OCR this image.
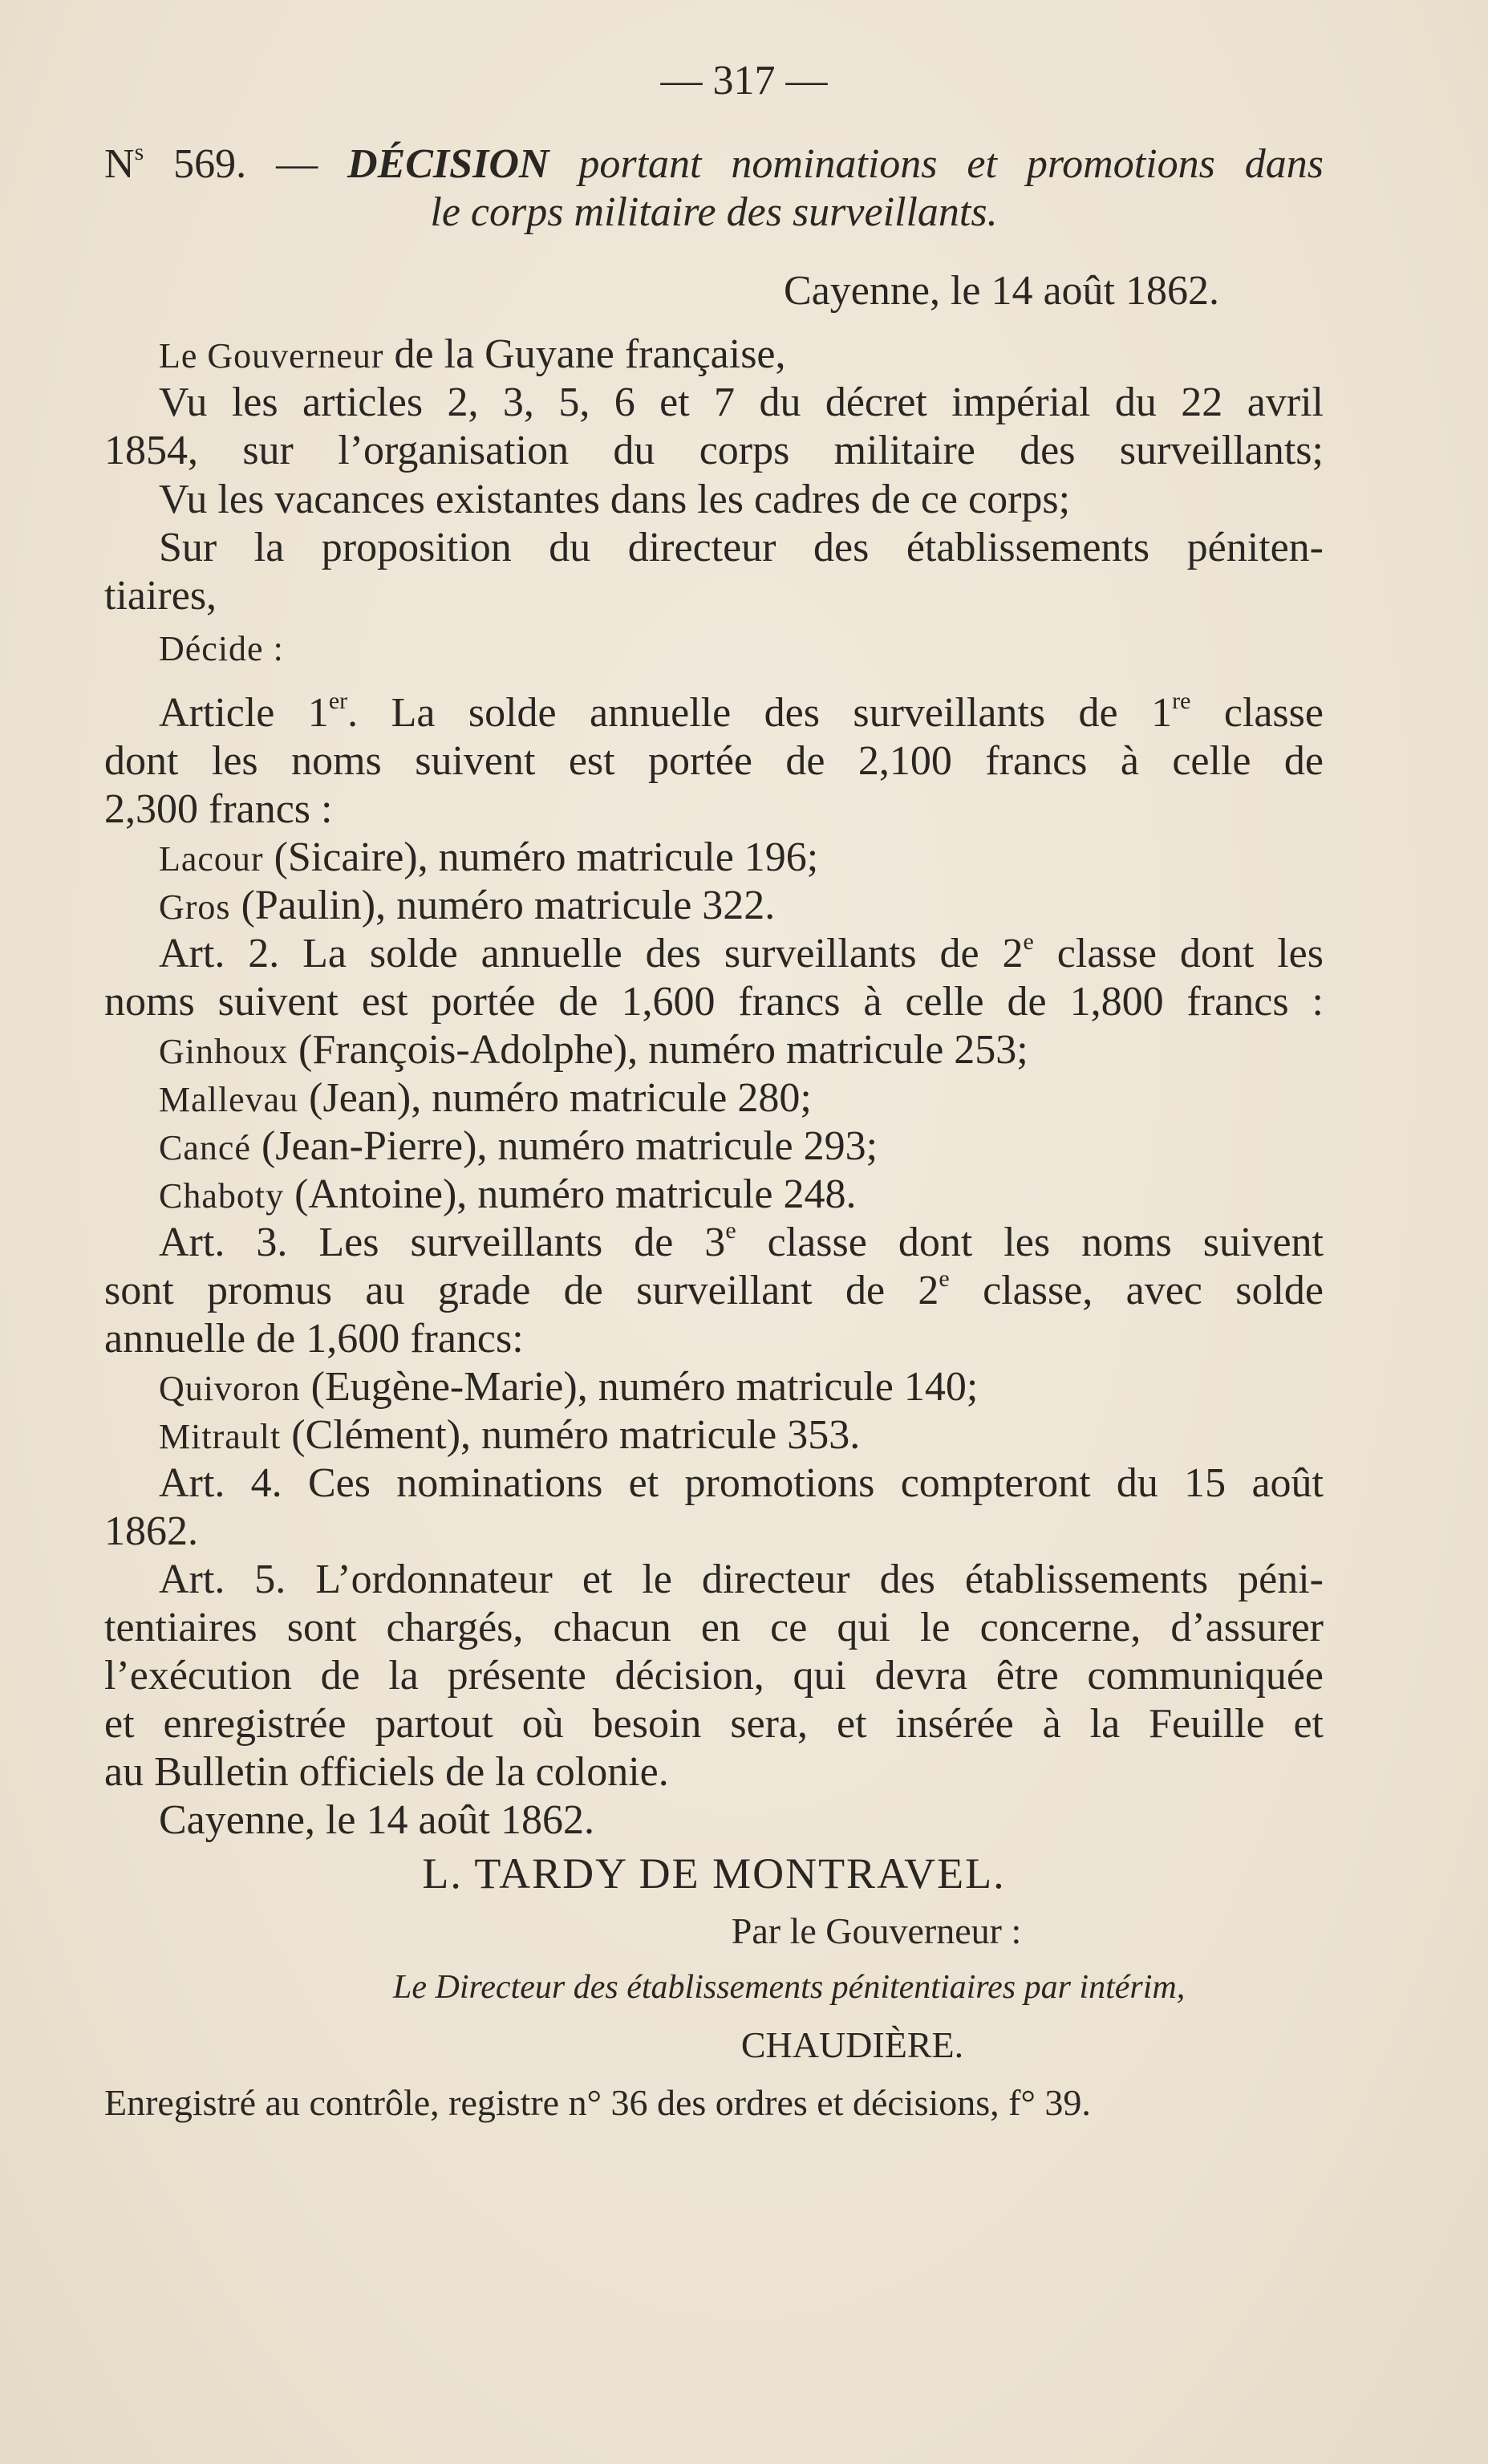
— 317 —
$N^s$ 569. — DÉCISION portant nominations et promotions dans
le corps militaire des surveillants.
Cayenne, le 14 août 1862.
Le Gouverneur de la Guyane française,
Vu les articles 2, 3, 5, 6 et 7 du décret impérial du 22 avril
1854, sur l’organisation du corps militaire des surveillants;
Vu les vacances existantes dans les cadres de ce corps;
Sur la proposition du directeur des établissements péniten-
tiaires,
Décide :
Article 1er. La solde annuelle des surveillants de 1re classe
dont les noms suivent est portée de 2,100 francs à celle de
2,300 francs :
Lacour (Sicaire), numéro matricule 196;
Gros (Paulin), numéro matricule 322.
Art. 2. La solde annuelle des surveillants de 2e classe dont les
noms suivent est portée de 1,600 francs à celle de 1,800 francs :
Ginhoux (François-Adolphe), numéro matricule 253;
Mallevau (Jean), numéro matricule 280;
Cancé (Jean-Pierre), numéro matricule 293;
Chaboty (Antoine), numéro matricule 248.
Art. 3. Les surveillants de 3e classe dont les noms suivent
sont promus au grade de surveillant de 2e classe, avec solde
annuelle de 1,600 francs:
Quivoron (Eugène-Marie), numéro matricule 140;
Mitrault (Clément), numéro matricule 353.
Art. 4. Ces nominations et promotions compteront du 15 août
1862.
Art. 5. L’ordonnateur et le directeur des établissements péni-
tentiaires sont chargés, chacun en ce qui le concerne, d’assurer
l’exécution de la présente décision, qui devra être communiquée
et enregistrée partout où besoin sera, et insérée à la Feuille et
au Bulletin officiels de la colonie.
Cayenne, le 14 août 1862.
L. TARDY DE MONTRAVEL.
Par le Gouverneur :
Le Directeur des établissements pénitentiaires par intérim,
CHAUDIÈRE.
Enregistré au contrôle, registre n° 36 des ordres et décisions, f° 39.
